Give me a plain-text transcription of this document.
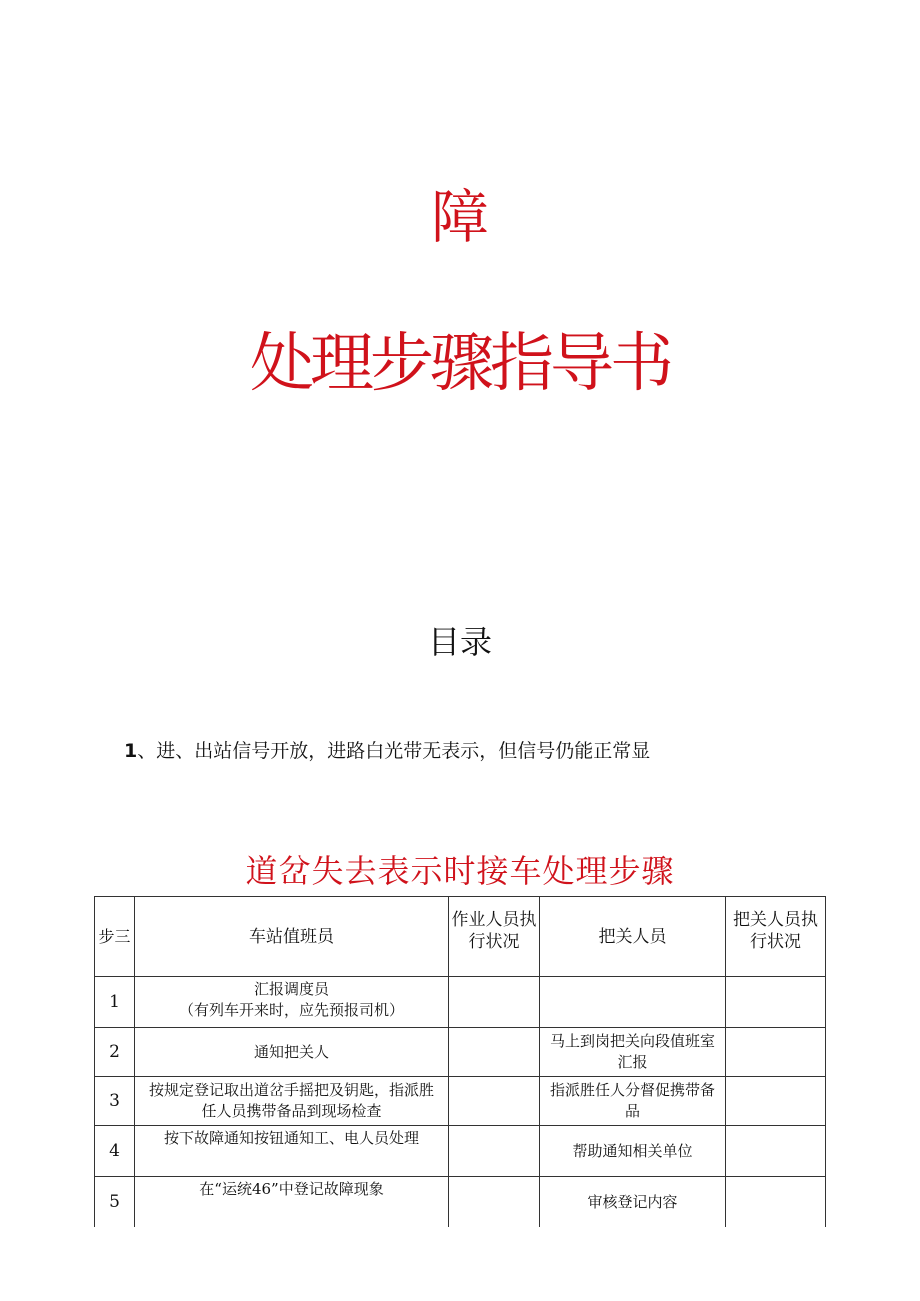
障
处理步骤指导书
目录
1、进、出站信号开放，进路白光带无表示，但信号仍能正常显
道岔失去表示时接车处理步骤
步三	车站值班员	作业人员执行状况	把关人员	把关人员执行状况
1	汇报调度员
（有列车开来时，应先预报司机）			
2	通知把关人		马上到岗把关向段值班室汇报	
3	按规定登记取出道岔手摇把及钥匙，指派胜任人员携带备品到现场检查		指派胜任人分督促携带备品	
4	按下故障通知按钮通知工、电人员处理		帮助通知相关单位	
5	在“运统46”中登记故障现象		审核登记内容	
